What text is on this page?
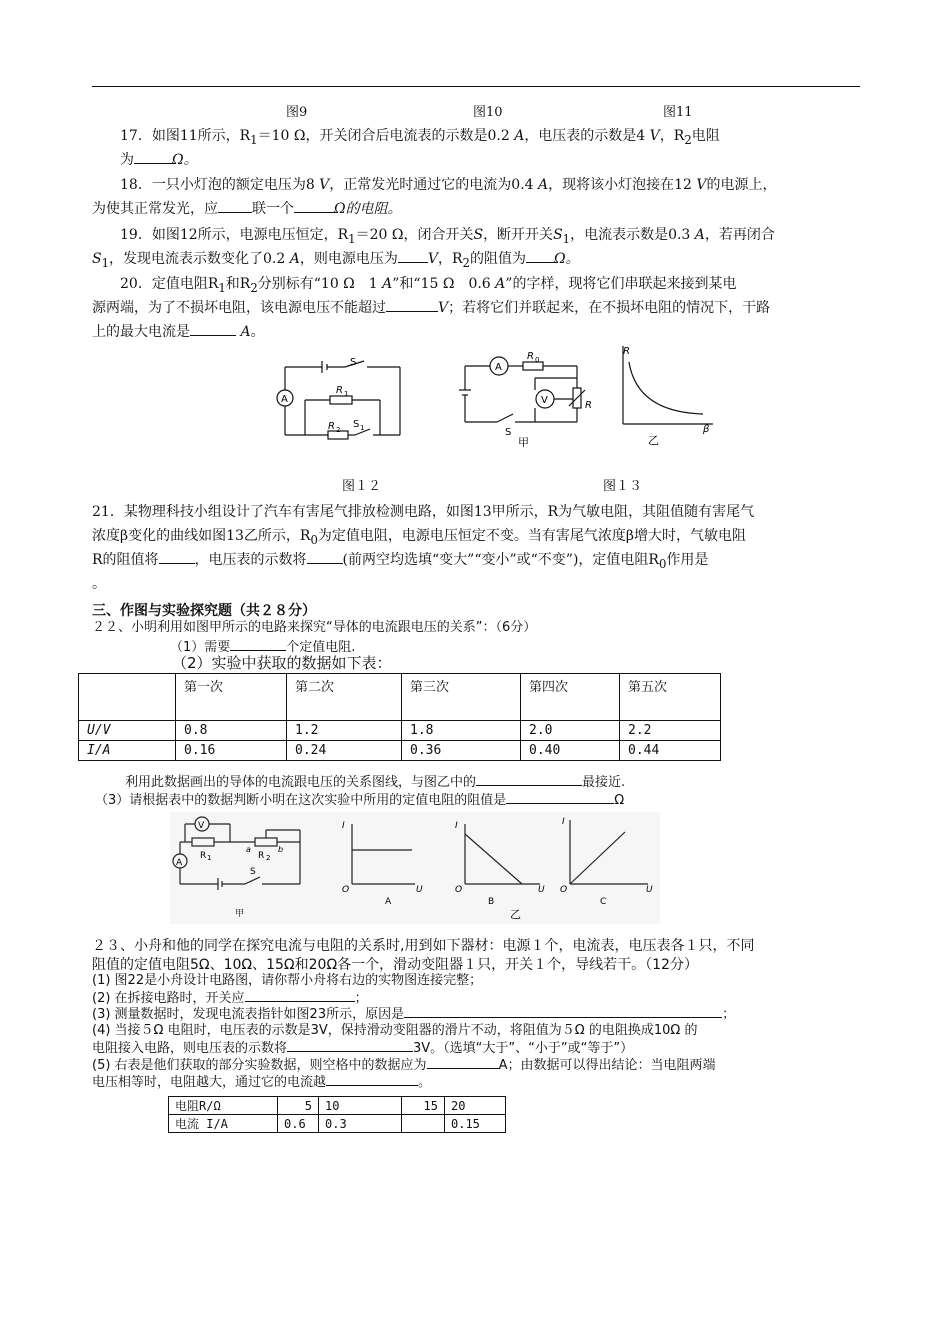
图9	图10	图11
17．如图11所示，$R_1=10$ Ω，开关闭合后电流表的示数是0.2 A，电压表的示数是4 V，$R_2$电阻
为	Ω。
18．一只小灯泡的额定电压为8 V，正常发光时通过它的电流为0.4 A，现将该小灯泡接在12 V的电源上，
为使其正常发光，应 联一个	Ω的电阻。
19．如图12所示，电源电压恒定，$R_1=20$ Ω，闭合开关S，断开开关$S_1$，电流表示数是0.3 A，若再闭合
$S_1$，发现电流表示数变化了0.2 A，则电源电压为 V，$R_2$的阻值为 Ω。
20．定值电阻$R_1$和$R_2$分别标有“10 Ω　1 A”和“15 Ω　0.6 A”的字样，现将它们串联起来接到某电
源两端，为了不损坏电阻，该电源电压不能超过	V；若将它们并联起来，在不损坏电阻的情况下，干路
上的最大电流是	A。
A
S
R 1
R 2 S 1
A
R 0
V	R
S
甲
R
β
乙
图１２	图１３
21．某物理科技小组设计了汽车有害尾气排放检测电路，如图13甲所示，R为气敏电阻，其阻值随有害尾气
浓度β变化的曲线如图13乙所示，$R_0$为定值电阻，电源电压恒定不变。当有害尾气浓度β增大时，气敏电阻
R的阻值将	，电压表的示数将	(前两空均选填“变大”“变小”或“不变”)，定值电阻$R_0$作用是
。
三、作图与实验探究题（共２８分）
２２、小明利用如图甲所示的电路来探究“导体的电流跟电压的关系”：（6分）
（1）需要	个定值电阻.
（2）实验中获取的数据如下表：
	第一次	第二次	第三次	第四次	第五次
U/V	0.8	1.2	1.8	2.0	2.2
I/A	0.16	0.24	0.36	0.40	0.44
利用此数据画出的导体的电流跟电压的关系图线，与图乙中的	最接近.
（3）请根据表中的数据判断小明在这次实验中所用的定值电阻的阻值是	Ω
V
A
R 1	R 2
a	b
S
甲
I
O	U
A
I
O	U
B
乙
I
O	U
C
２３、小舟和他的同学在探究电流与电阻的关系时,用到如下器材：电源１个，电流表，电压表各１只，不同
阻值的定值电阻5Ω、10Ω、15Ω和20Ω各一个，滑动变阻器１只，开关１个，导线若干。（12分）
(1) 图22是小舟设计电路图，请你帮小舟将右边的实物图连接完整；
(2) 在拆接电路时，开关应	；
(3) 测量数据时，发现电流表指针如图23所示，原因是	；
(4) 当接５Ω 电阻时，电压表的示数是3V，保持滑动变阻器的滑片不动，将阻值为５Ω 的电阻换成10Ω 的
电阻接入电路，则电压表的示数将	3V。（选填“大于”、“小于”或“等于”）
(5) 右表是他们获取的部分实验数据，则空格中的数据应为	A；由数据可以得出结论：当电阻两端
电压相等时，电阻越大，通过它的电流越	。
电阻R/Ω	5	10	15	20
电流 I/A	0.6	0.3		0.15
